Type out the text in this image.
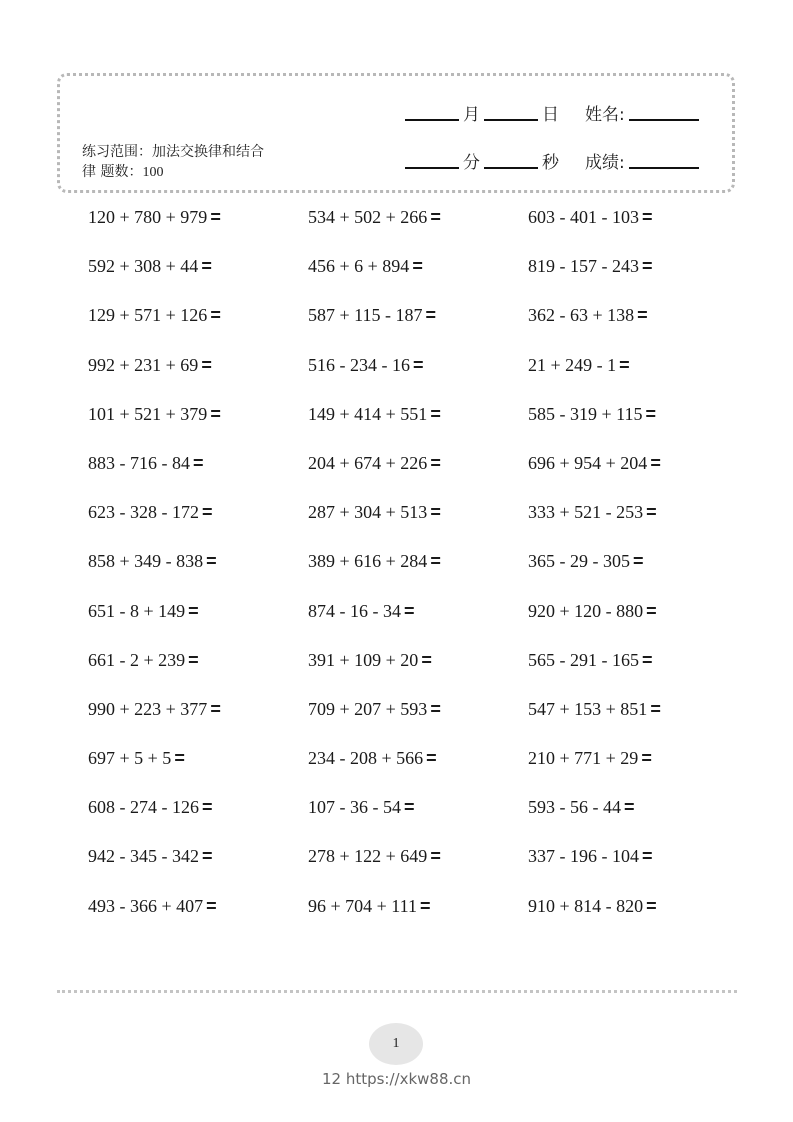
练习范围：加法交换律和结合
律 题数：100
月	日 姓名:
分	秒 成绩:
120 + 780 + 979 =	534 + 502 + 266 =	603 - 401 - 103 =
592 + 308 + 44 =	456 + 6 + 894 =	819 - 157 - 243 =
129 + 571 + 126 =	587 + 115 - 187 =	362 - 63 + 138 =
992 + 231 + 69 =	516 - 234 - 16 =	21 + 249 - 1 =
101 + 521 + 379 =	149 + 414 + 551 =	585 - 319 + 115 =
883 - 716 - 84 =	204 + 674 + 226 =	696 + 954 + 204 =
623 - 328 - 172 =	287 + 304 + 513 =	333 + 521 - 253 =
858 + 349 - 838 =	389 + 616 + 284 =	365 - 29 - 305 =
651 - 8 + 149 =	874 - 16 - 34 =	920 + 120 - 880 =
661 - 2 + 239 =	391 + 109 + 20 =	565 - 291 - 165 =
990 + 223 + 377 =	709 + 207 + 593 =	547 + 153 + 851 =
697 + 5 + 5 =	234 - 208 + 566 =	210 + 771 + 29 =
608 - 274 - 126 =	107 - 36 - 54 =	593 - 56 - 44 =
942 - 345 - 342 =	278 + 122 + 649 =	337 - 196 - 104 =
493 - 366 + 407 =	96 + 704 + 111 =	910 + 814 - 820 =
1
12 https://xkw88.cn
